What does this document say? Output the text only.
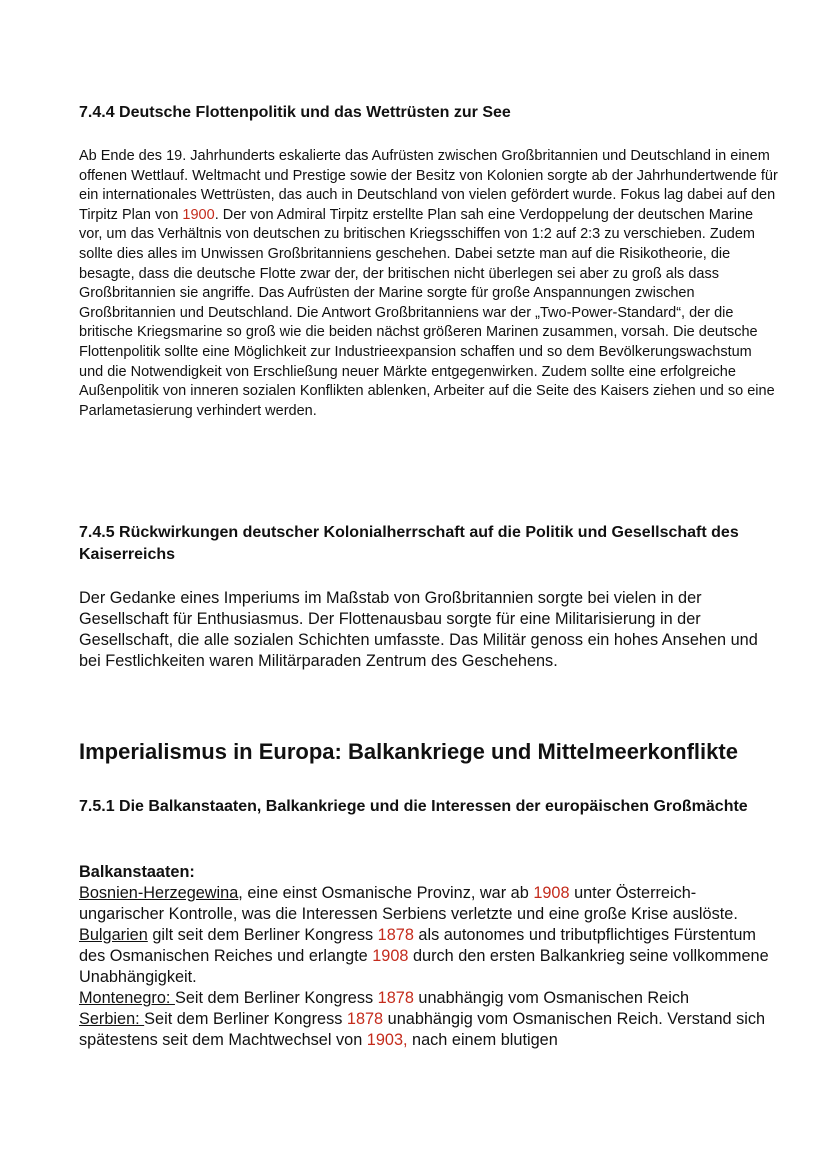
7.4.4 Deutsche Flottenpolitik und das Wettrüsten zur See

Ab Ende des 19. Jahrhunderts eskalierte das Aufrüsten zwischen Großbritannien und Deutschland in einem offenen Wettlauf. Weltmacht und Prestige sowie der Besitz von Kolonien sorgte ab der Jahrhundertwende für ein internationales Wettrüsten, das auch in Deutschland von vielen gefördert wurde. Fokus lag dabei auf den Tirpitz Plan von 1900. Der von Admiral Tirpitz erstellte Plan sah eine Verdoppelung der deutschen Marine vor, um das Verhältnis von deutschen zu britischen Kriegsschiffen von 1:2 auf 2:3 zu verschieben. Zudem sollte dies alles im Unwissen Großbritanniens geschehen. Dabei setzte man auf die Risikotheorie, die besagte, dass die deutsche Flotte zwar der, der britischen nicht überlegen sei aber zu groß als dass Großbritannien sie angriffe. Das Aufrüsten der Marine sorgte für große Anspannungen zwischen Großbritannien und Deutschland. Die Antwort Großbritanniens war der „Two-Power-Standard“, der die britische Kriegsmarine so groß wie die beiden nächst größeren Marinen zusammen, vorsah. Die deutsche Flottenpolitik sollte eine Möglichkeit zur Industrieexpansion schaffen und so dem Bevölkerungswachstum und die Notwendigkeit von Erschließung neuer Märkte entgegenwirken. Zudem sollte eine erfolgreiche Außenpolitik von inneren sozialen Konflikten ablenken, Arbeiter auf die Seite des Kaisers ziehen und so eine Parlametasierung verhindert werden.

7.4.5 Rückwirkungen deutscher Kolonialherrschaft auf die Politik und Gesellschaft des Kaiserreichs

Der Gedanke eines Imperiums im Maßstab von Großbritannien sorgte bei vielen in der Gesellschaft für Enthusiasmus. Der Flottenausbau sorgte für eine Militarisierung in der Gesellschaft, die alle sozialen Schichten umfasste. Das Militär genoss ein hohes Ansehen und bei Festlichkeiten waren Militärparaden Zentrum des Geschehens.

Imperialismus in Europa: Balkankriege und Mittelmeerkonflikte
7.5.1 Die Balkanstaaten, Balkankriege und die Interessen der europäischen Großmächte
Balkanstaaten:
Bosnien-Herzegewina, eine einst Osmanische Provinz, war ab 1908 unter Österreich-ungarischer Kontrolle, was die Interessen Serbiens verletzte und eine große Krise auslöste.
Bulgarien gilt seit dem Berliner Kongress 1878 als autonomes und tributpflichtiges Fürstentum des Osmanischen Reiches und erlangte 1908 durch den ersten Balkankrieg seine vollkommene Unabhängigkeit.
Montenegro: Seit dem Berliner Kongress 1878 unabhängig vom Osmanischen Reich
Serbien: Seit dem Berliner Kongress 1878 unabhängig vom Osmanischen Reich. Verstand sich spätestens seit dem Machtwechsel von 1903, nach einem blutigen
